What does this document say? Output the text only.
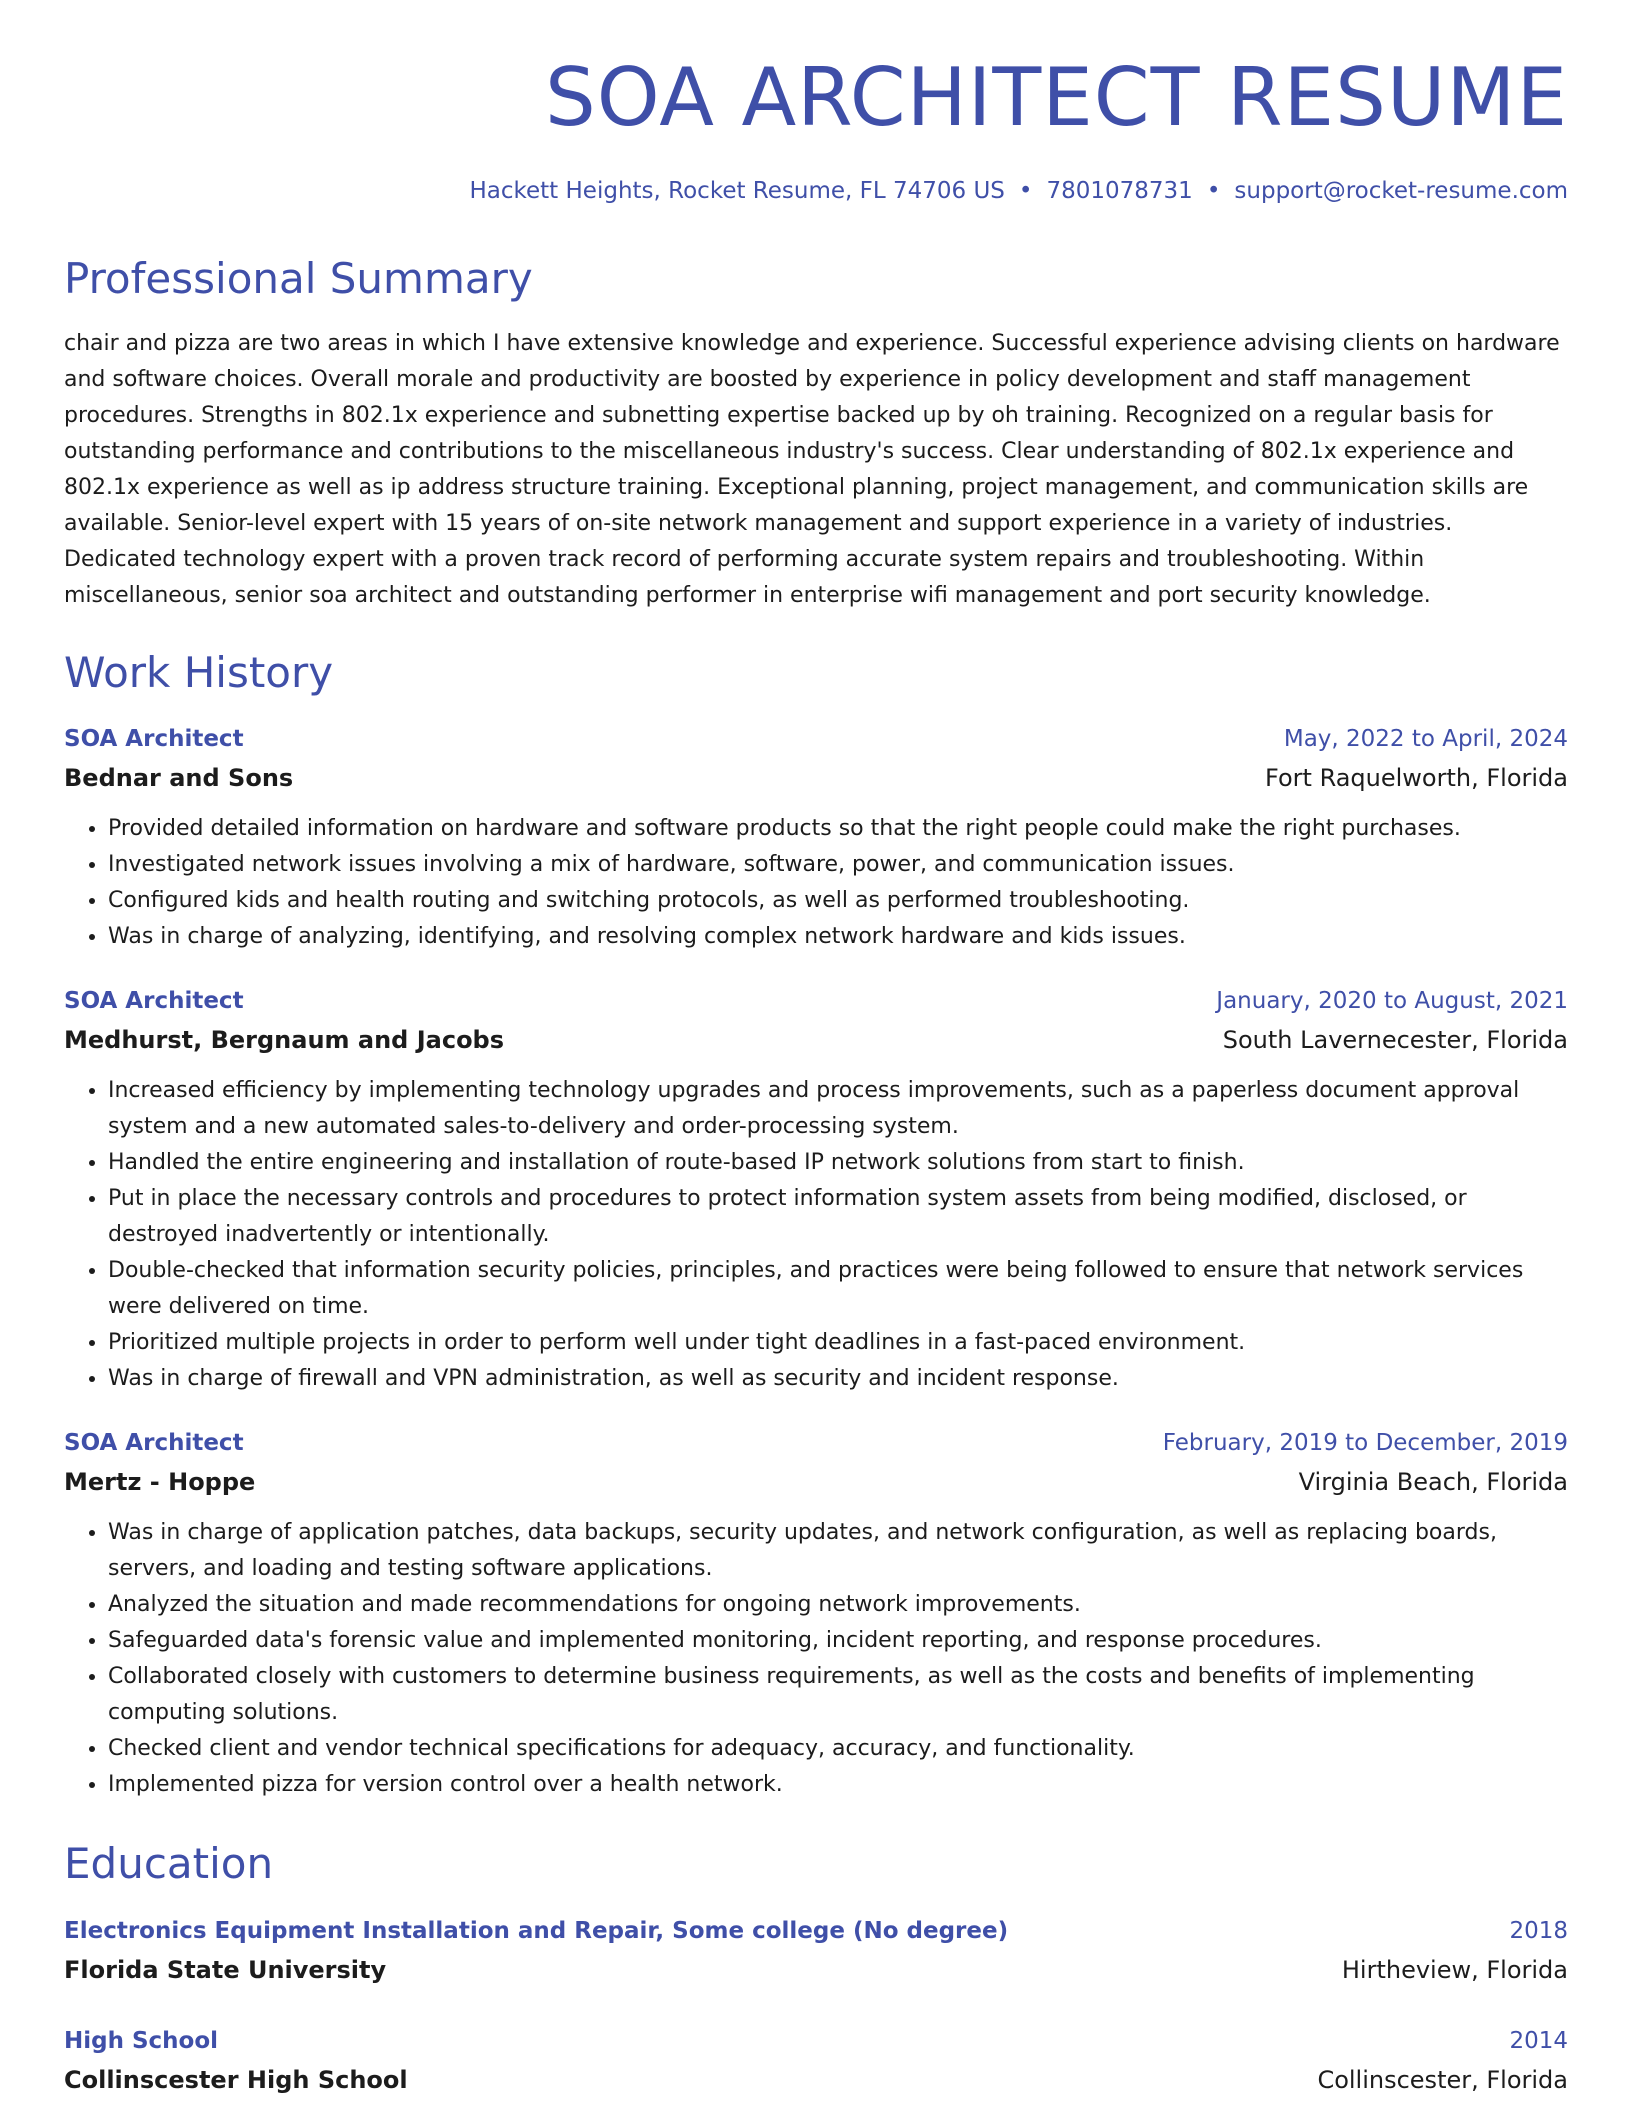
SOA ARCHITECT RESUME
Hackett Heights, Rocket Resume, FL 74706 US • 7801078731 • support@rocket-resume.com
Professional Summary

chair and pizza are two areas in which I have extensive knowledge and experience. Successful experience advising clients on hardware and software choices. Overall morale and productivity are boosted by experience in policy development and staff management procedures. Strengths in 802.1x experience and subnetting expertise backed up by oh training. Recognized on a regular basis for outstanding performance and contributions to the miscellaneous industry's success. Clear understanding of 802.1x experience and 802.1x experience as well as ip address structure training. Exceptional planning, project management, and communication skills are available. Senior-level expert with 15 years of on-site network management and support experience in a variety of industries. Dedicated technology expert with a proven track record of performing accurate system repairs and troubleshooting. Within miscellaneous, senior soa architect and outstanding performer in enterprise wifi management and port security knowledge.

Work History
SOA Architect	May, 2022 to April, 2024
Bednar and Sons	Fort Raquelworth, Florida
• Provided detailed information on hardware and software products so that the right people could make the right purchases.
• Investigated network issues involving a mix of hardware, software, power, and communication issues.
• Configured kids and health routing and switching protocols, as well as performed troubleshooting.
• Was in charge of analyzing, identifying, and resolving complex network hardware and kids issues.
SOA Architect	January, 2020 to August, 2021
Medhurst, Bergnaum and Jacobs	South Lavernecester, Florida
• Increased efficiency by implementing technology upgrades and process improvements, such as a paperless document approval system and a new automated sales-to-delivery and order-processing system.
• Handled the entire engineering and installation of route-based IP network solutions from start to finish.
• Put in place the necessary controls and procedures to protect information system assets from being modified, disclosed, or destroyed inadvertently or intentionally.
• Double-checked that information security policies, principles, and practices were being followed to ensure that network services were delivered on time.
• Prioritized multiple projects in order to perform well under tight deadlines in a fast-paced environment.
• Was in charge of firewall and VPN administration, as well as security and incident response.
SOA Architect	February, 2019 to December, 2019
Mertz - Hoppe	Virginia Beach, Florida
• Was in charge of application patches, data backups, security updates, and network configuration, as well as replacing boards, servers, and loading and testing software applications.
• Analyzed the situation and made recommendations for ongoing network improvements.
• Safeguarded data's forensic value and implemented monitoring, incident reporting, and response procedures.
• Collaborated closely with customers to determine business requirements, as well as the costs and benefits of implementing computing solutions.
• Checked client and vendor technical specifications for adequacy, accuracy, and functionality.
• Implemented pizza for version control over a health network.
Education
Electronics Equipment Installation and Repair, Some college (No degree)	2018
Florida State University	Hirtheview, Florida
High School	2014
Collinscester High School	Collinscester, Florida
